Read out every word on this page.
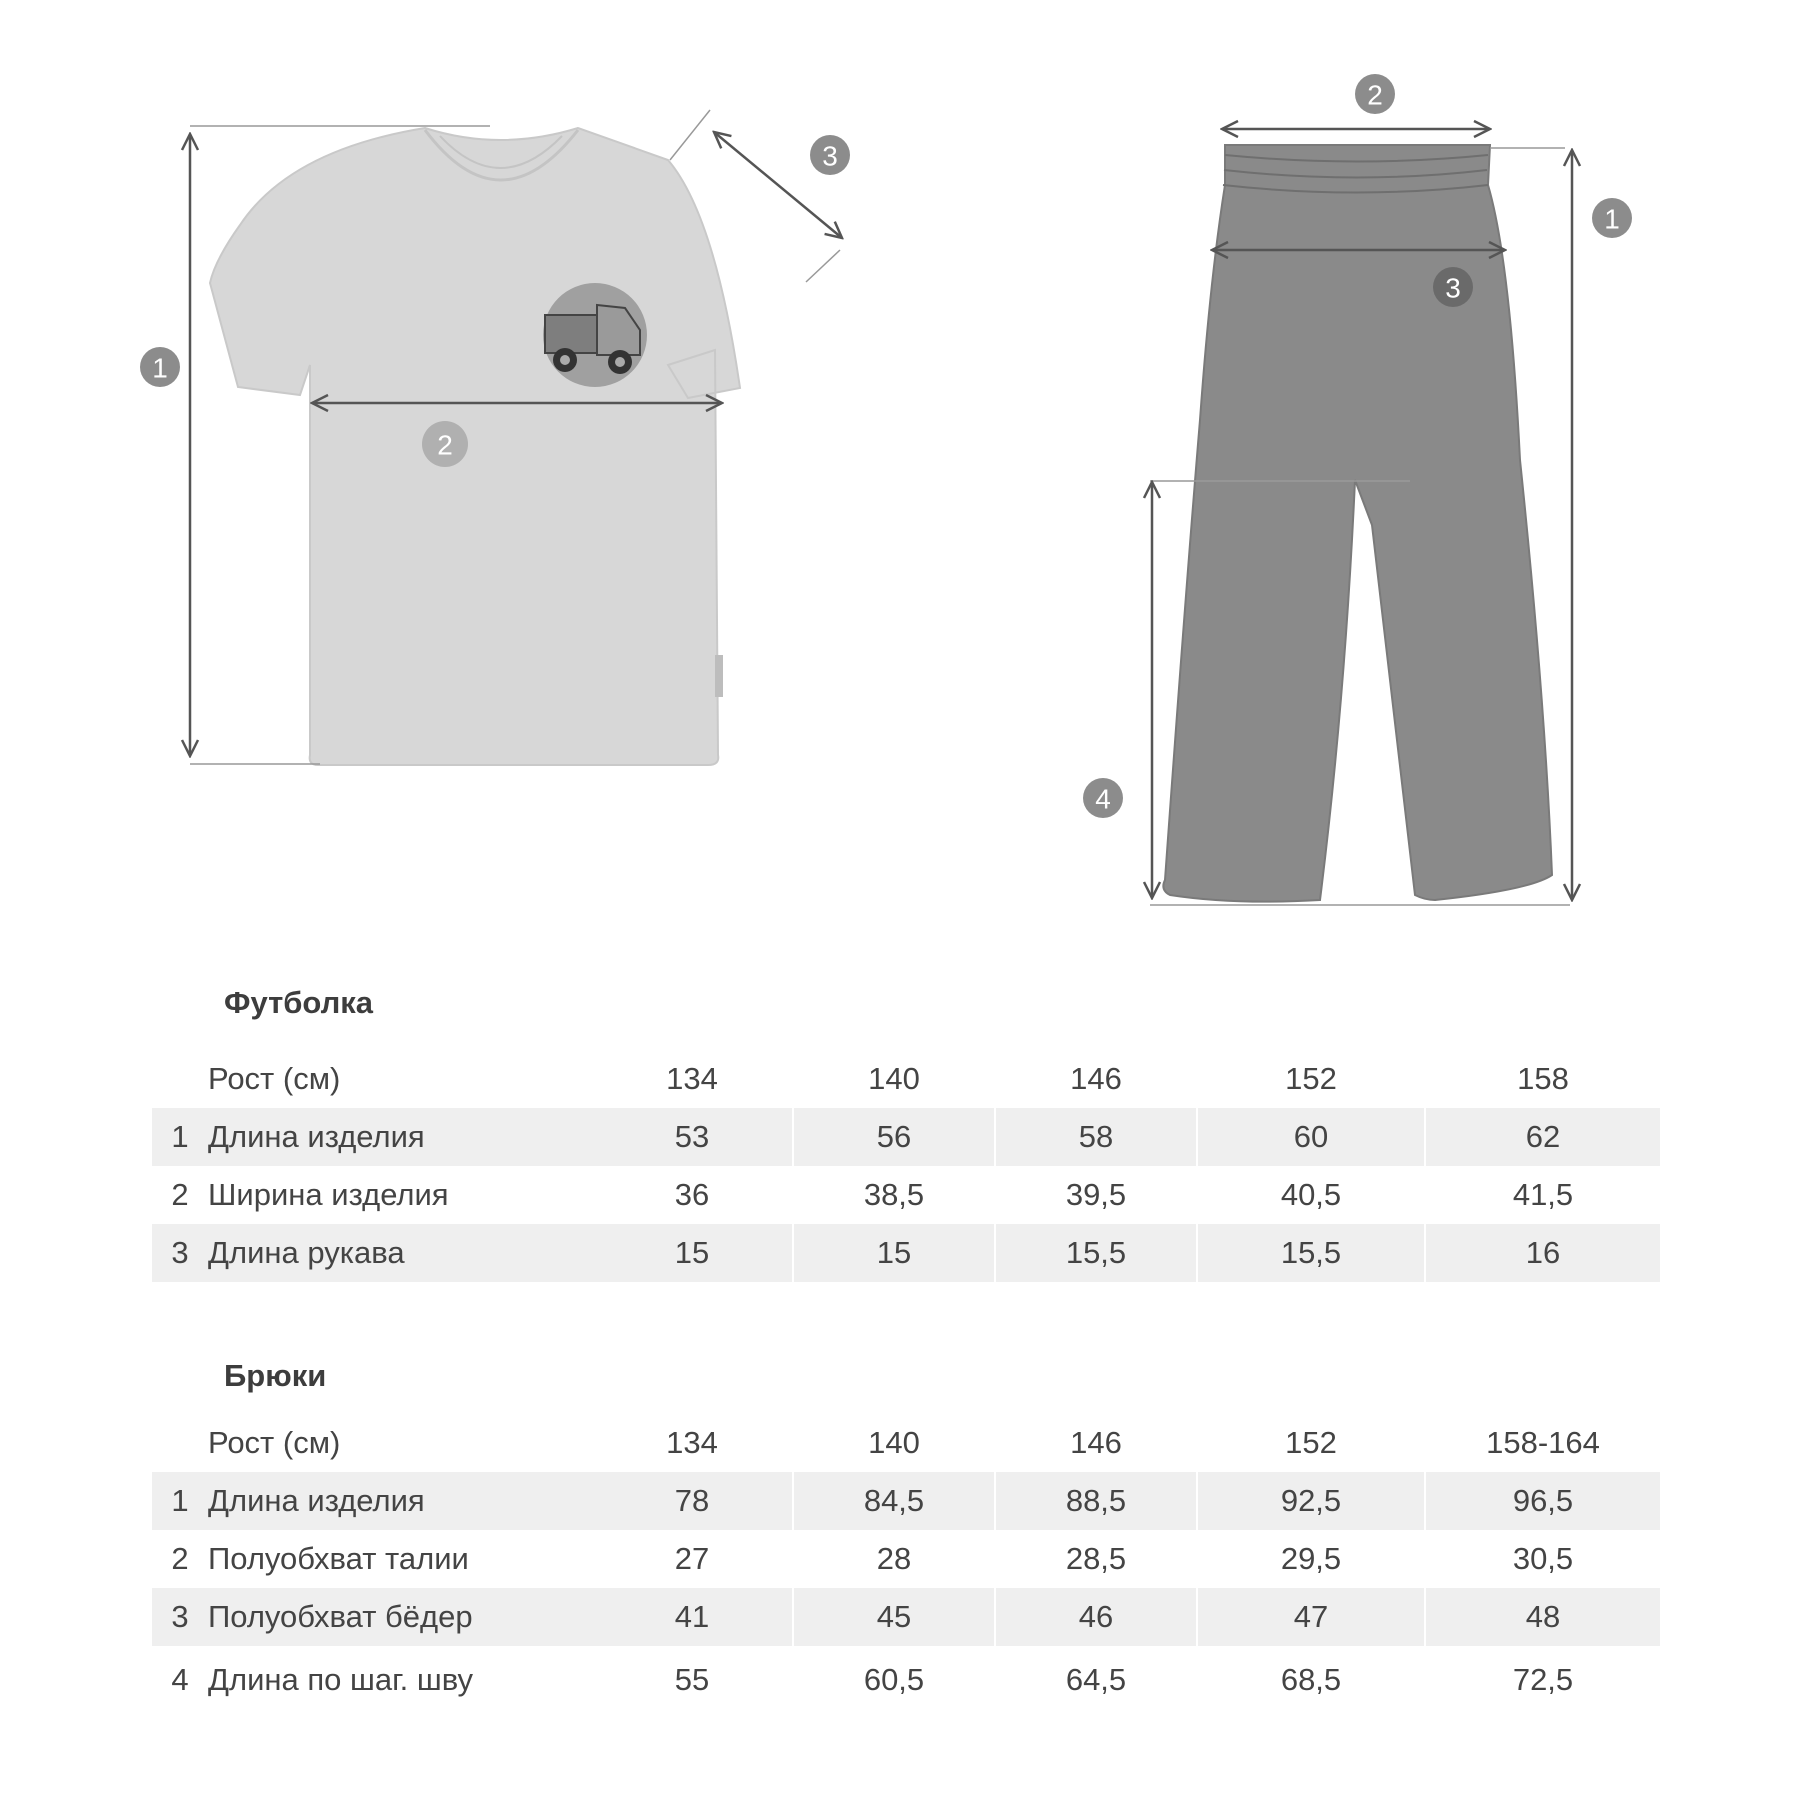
1
2
3
1
2
3
4
Футболка
Рост (см)	134	140	146	152	158
1 Длина изделия	53	56	58	60	62
2 Ширина изделия	36	38,5	39,5	40,5	41,5
3 Длина рукава	15	15	15,5	15,5	16
Брюки
Рост (см)	134	140	146	152	158-164
1 Длина изделия	78	84,5	88,5	92,5	96,5
2 Полуобхват талии	27	28	28,5	29,5	30,5
3 Полуобхват бёдер	41	45	46	47	48
4 Длина по шаг. шву	55	60,5	64,5	68,5	72,5
